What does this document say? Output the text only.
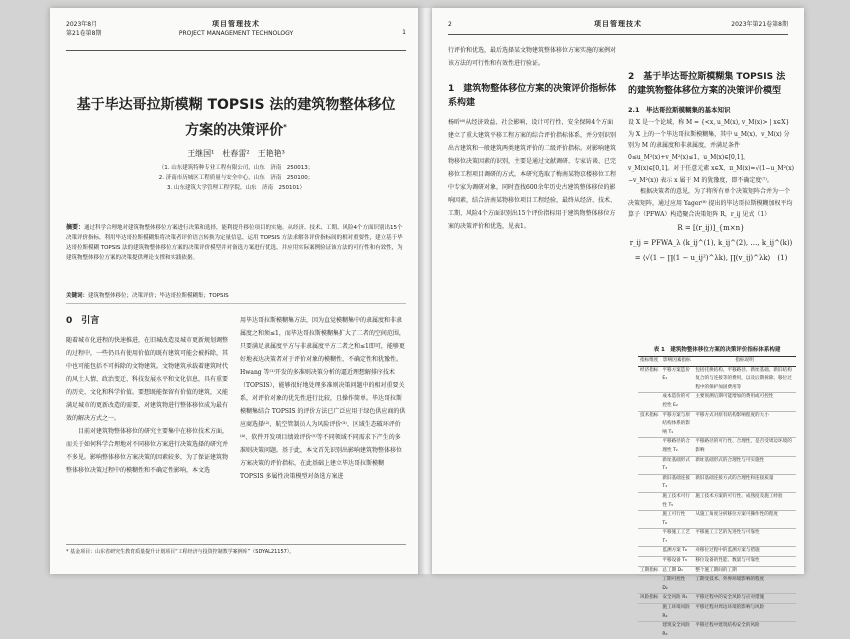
2023年8月
第21卷第8期
项目管理技术
PROJECT MANAGEMENT TECHNOLOGY	1
基于毕达哥拉斯模糊 TOPSIS 法的建筑物整体移位方案的决策评价*
王继国¹　杜春雷²　王艳艳³
（1. 山东建筑特种专业工程有限公司，山东　济南　250013；
2. 济南市历城区工程质量与安全中心，山东　济南　250100；
3. 山东建筑大学管理工程学院，山东　济南　250101）
摘要：通过科学合理地对建筑物整体移位方案进行决策和选择，能利提升移位项目的实施。从经济、技术、工期、风险4个方面识别出15个决策评价指标，利用毕达哥拉斯模糊集将决策者评价语言转换为定量信息，运用 TOPSIS 方法求解各评价指标间的相对重要性，建立基于毕达哥拉斯模糊 TOPSIS 法的建筑物整体移位方案的决策评价模型并对备选方案进行优选，并应用实际案例验证该方法的可行性和有效性，为建筑物整体移位方案的决策提供理论支撑和实践依据。
关键词：建筑物整体移位；决策评价；毕达哥拉斯模糊集；TOPSIS
0　引言
随着城市化进程的快速推进，在旧城改造及城市更新规划调整的过程中，一些仍具有使用价值的既有建筑可能会被拆除，其中也可能包括不可拆除的文物建筑。文物建筑承载着建筑时代的风土人情、政治变迁、科技发展水平和文化信息，具有重要的历史、文化和科学价值。要想既能保留有价值的建筑，又能满足城市的更新改造的需要，对建筑物进行整体移位成为最有效的解决方式之一。
　　目前对建筑物整体移位的研究主要集中在移位技术方面，而关于如何科学合理地对不同移位方案进行决策选择的研究并不多见。影响整体移位方案决策的因素较多，为了保证建筑物整体移位决策过程中的模糊性和不确定性影响，本文选
用毕达哥拉斯模糊集方法，因为直觉模糊集中的隶属度和非隶属度之和须≤1，而毕达哥拉斯模糊集扩大了二者的空间范围，只要满足隶属度平方与非隶属度平方二者之和≤1即可，能够更好地表达决策者对于评价对象的模糊性、不确定性和犹豫性。Hwang 等⁽¹⁾开发的多准则决策分析的逼近理想解排序技术（TOPSIS），能够很好地处理多准则决策问题中的相对重要关系，对评价对象的优先性进行比较，且操作简单。毕达哥拉斯模糊集结合 TOPSIS 的评价方法已广泛应用于绿色供应商的供应商选择⁽²⁾、航空管制员人为风险评价⁽³⁾、区域生态破坏评价⁽⁴⁾、软件开发项目绩效评价⁽⁵⁾等不同领域不同需求下产生的多准则决策问题。基于此，本文首先识别出影响建筑物整体移位方案决策的评价指标，在此基础上建立毕达哥拉斯模糊 TOPSIS 多属性决策模型对备选方案进
* 基金项目：山东省研究生教育质量提升计划项目“工程经济与投资控制教学案例库”（SDYAL21157）。
2	项目管理技术	2023年第21卷第8期
行评价和优选，最后选择某文物建筑整体移位方案实施的案例对该方法的可行性和有效性进行验证。
1　建筑物整体移位方案的决策评价指标体系构建
杨昕⁽⁶⁾从经济效益、社会影响、设计可行性、安全保障4个方面建立了重大建筑平移工程方案的综合评价指标体系，并分别识别出古建筑和一般建筑两类建筑评价的二级评价指标。对影响建筑物移位决策因素的识别，主要是通过文献调研、专家访谈、已完移位工程项目调研的方式，本研究选取了梅南某物京楼移位工程中专家为调研对象，同时查找600余年历史古建筑整体移位的影响因素，结合济南某物移位项目工程经验，最终从经济、技术、工期、风险4个方面识别出15个评价指标用于建筑物整体移位方案的决策评价和优选，见表1。
2　基于毕达哥拉斯模糊集 TOPSIS 法的建筑物整体移位方案的决策评价模型
2.1　毕达哥拉斯模糊集的基本知识
设 X 是一个论域，称 M = {<x, u_M(x), v_M(x)> | x∈X} 为 X 上的一个毕达哥拉斯模糊集，其中 u_M(x)、v_M(x) 分别为 M 的隶属度和非隶属度，并满足条件 0≤u_M²(x)+v_M²(x)≤1，u_M(x)∈[0,1]，v_M(x)∈[0,1]。对于任意元素 x∈X，π_M(x)=√(1−u_M²(x)−v_M²(x)) 表示 x 属于 M 的犹豫度，即不确定度⁽⁷⁾。
　　根据决策者的意见，为了将所有单个决策矩阵合并为一个决策矩阵，通过应用 Yager⁽⁸⁾ 提出的毕达哥拉斯模糊加权平均算子（PFWA）构造聚合决策矩阵 R，r_ij 见式（1）
R = [(r_ij)]_{m×n}
r_ij = PFWA_λ (k_ij^(1), k_ij^(2), …, k_ij^(k))
= ⟨√(1 − ∏(1 − u_ij²)^λk), ∏(v_ij)^λk⟩　(1)
表 1　建筑物整体移位方案的决策评价指标体系构建
指标维度	影响因素指标	指标说明
经济指标	平移方案造价 E₁	包括托换结构、平移路径、新址基础、新旧结构复合的与连接等的费用，以及后期拆除、移位过程中的保护加固费用等
	成本造价的可控性 E₂	主要预测后期可能增加的费用或可控性
技术指标	平移方案与原结构体系的影响 T₁	平移方式对原有结构影响程度的大小
	平移路径的合理性 T₂	平移路径的可行性、合理性，是否受周边环境的影响
	新址基础形式 T₃	新址基础形式的合理性与可实施性
	新旧基础连接 T₄	新旧基础连接方式的合理性和连接质量
	施工技术可行性 T₅	施工技术方案的可行性、成熟度及施工经验
	施工可行性 T₆	从施工角度分析移位方案可操作性的程度
	平移施工工艺 T₇	平移施工工艺的先进性与可靠性
	监测方案 T₈	对移位过程中的监测方案与措施
	平移设备 T₉	移位设备的性能、数量与可靠性
工期指标	总工期 D₁	整个施工期间的工期
	工期可控性 D₂	工期受技术、外界环境影响的程度
风险指标	安全风险 R₁	平移过程中的安全风险与应对措施
	施工环境风险 R₂	平移过程对周边环境的影响与风险
	建筑安全风险 R₃	平移过程中建筑结构安全的风险
